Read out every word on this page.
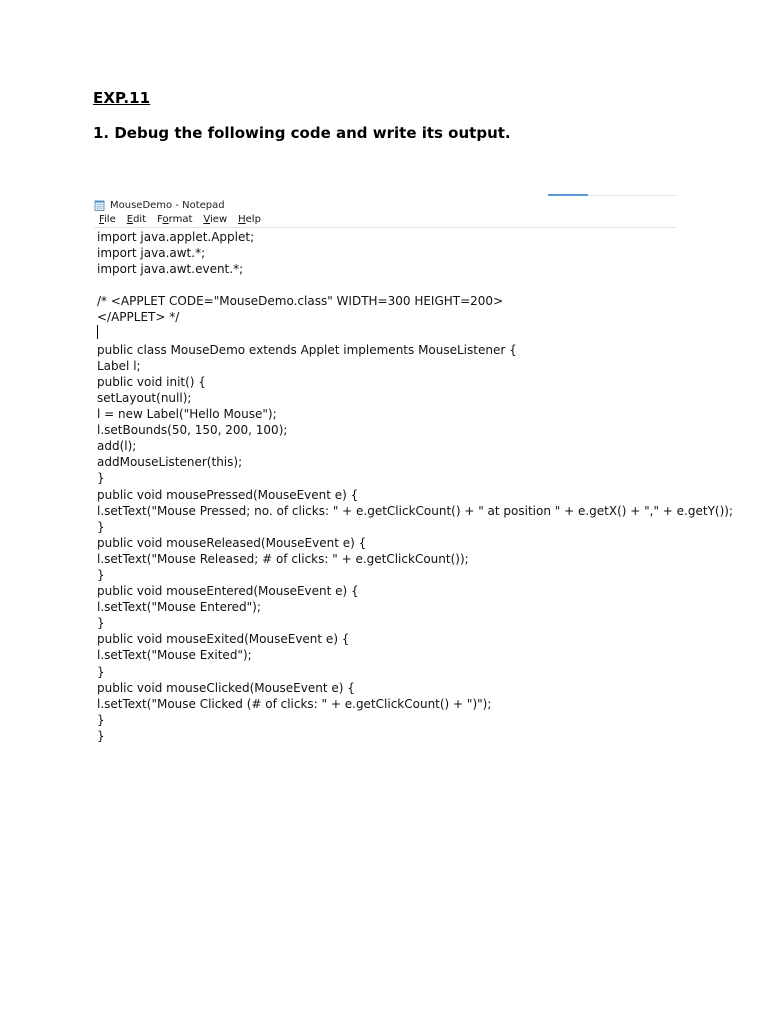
EXP.11

1. Debug the following code and write its output.

MouseDemo - Notepad
File Edit Format View Help
import java.applet.Applet;
import java.awt.*;
import java.awt.event.*;
/* <APPLET CODE="MouseDemo.class" WIDTH=300 HEIGHT=200>
</APPLET> */
public class MouseDemo extends Applet implements MouseListener {
Label l;
public void init() {
setLayout(null);
l = new Label("Hello Mouse");
l.setBounds(50, 150, 200, 100);
add(l);
addMouseListener(this);
}
public void mousePressed(MouseEvent e) {
l.setText("Mouse Pressed; no. of clicks: " + e.getClickCount() + " at position " + e.getX() + "," + e.getY());
}
public void mouseReleased(MouseEvent e) {
l.setText("Mouse Released; # of clicks: " + e.getClickCount());
}
public void mouseEntered(MouseEvent e) {
l.setText("Mouse Entered");
}
public void mouseExited(MouseEvent e) {
l.setText("Mouse Exited");
}
public void mouseClicked(MouseEvent e) {
l.setText("Mouse Clicked (# of clicks: " + e.getClickCount() + ")");
}
}
